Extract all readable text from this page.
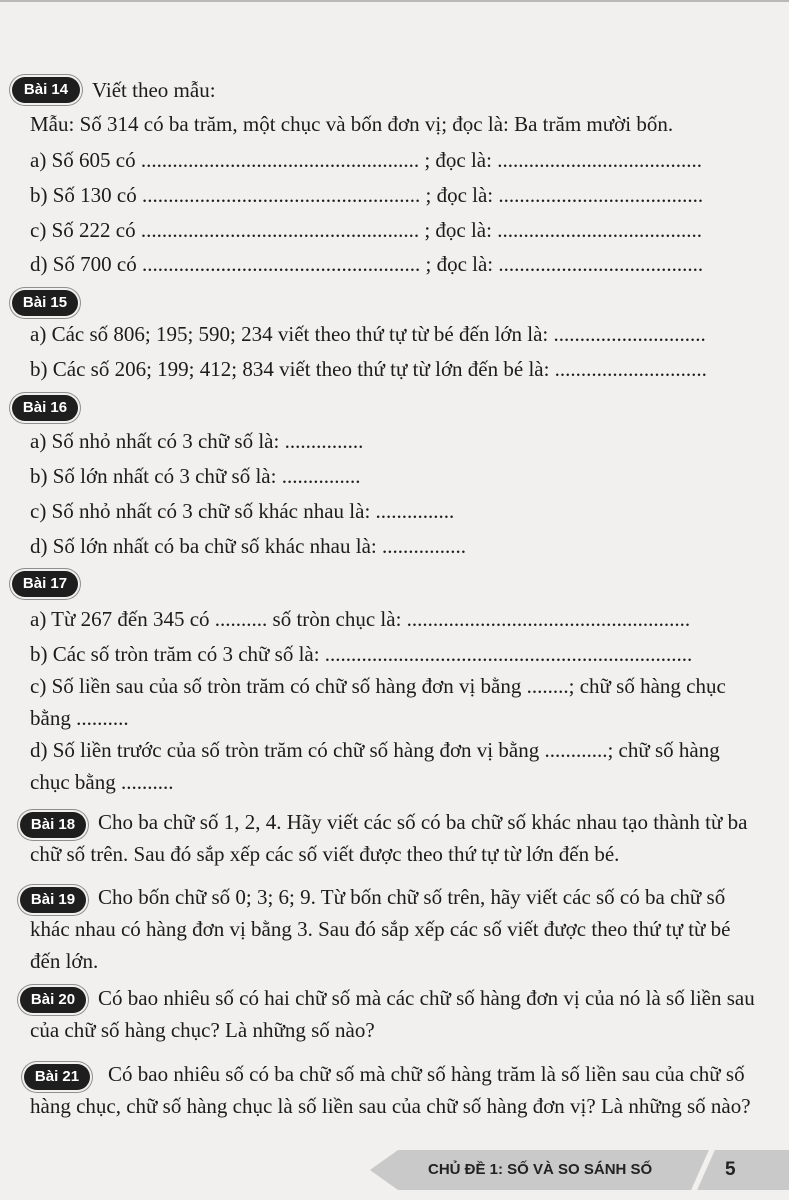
Bài 14	Viết theo mẫu:
Mẫu: Số 314 có ba trăm, một chục và bốn đơn vị; đọc là: Ba trăm mười bốn.
a) Số 605 có ..................................................... ; đọc là: .......................................
b) Số 130 có ..................................................... ; đọc là: .......................................
c) Số 222 có ..................................................... ; đọc là: .......................................
d) Số 700 có ..................................................... ; đọc là: .......................................
Bài 15
a) Các số 806; 195; 590; 234 viết theo thứ tự từ bé đến lớn là: .............................
b) Các số 206; 199; 412; 834 viết theo thứ tự từ lớn đến bé là: .............................
Bài 16
a) Số nhỏ nhất có 3 chữ số là: ...............
b) Số lớn nhất có 3 chữ số là: ...............
c) Số nhỏ nhất có 3 chữ số khác nhau là: ...............
d) Số lớn nhất có ba chữ số khác nhau là: ................
Bài 17
a) Từ 267 đến 345 có .......... số tròn chục là: ......................................................
b) Các số tròn trăm có 3 chữ số là: ......................................................................
c) Số liền sau của số tròn trăm có chữ số hàng đơn vị bằng ........; chữ số hàng chục bằng ..........
d) Số liền trước của số tròn trăm có chữ số hàng đơn vị bằng ............; chữ số hàng chục bằng ..........
Bài 18	Cho ba chữ số 1, 2, 4. Hãy viết các số có ba chữ số khác nhau tạo thành từ ba chữ số trên. Sau đó sắp xếp các số viết được theo thứ tự từ lớn đến bé.
Bài 19	Cho bốn chữ số 0; 3; 6; 9. Từ bốn chữ số trên, hãy viết các số có ba chữ số khác nhau có hàng đơn vị bằng 3. Sau đó sắp xếp các số viết được theo thứ tự từ bé đến lớn.
Bài 20	Có bao nhiêu số có hai chữ số mà các chữ số hàng đơn vị của nó là số liền sau của chữ số hàng chục? Là những số nào?
Bài 21	Có bao nhiêu số có ba chữ số mà chữ số hàng trăm là số liền sau của chữ số hàng chục, chữ số hàng chục là số liền sau của chữ số hàng đơn vị? Là những số nào?
CHỦ ĐỀ 1: SỐ VÀ SO SÁNH SỐ	5
